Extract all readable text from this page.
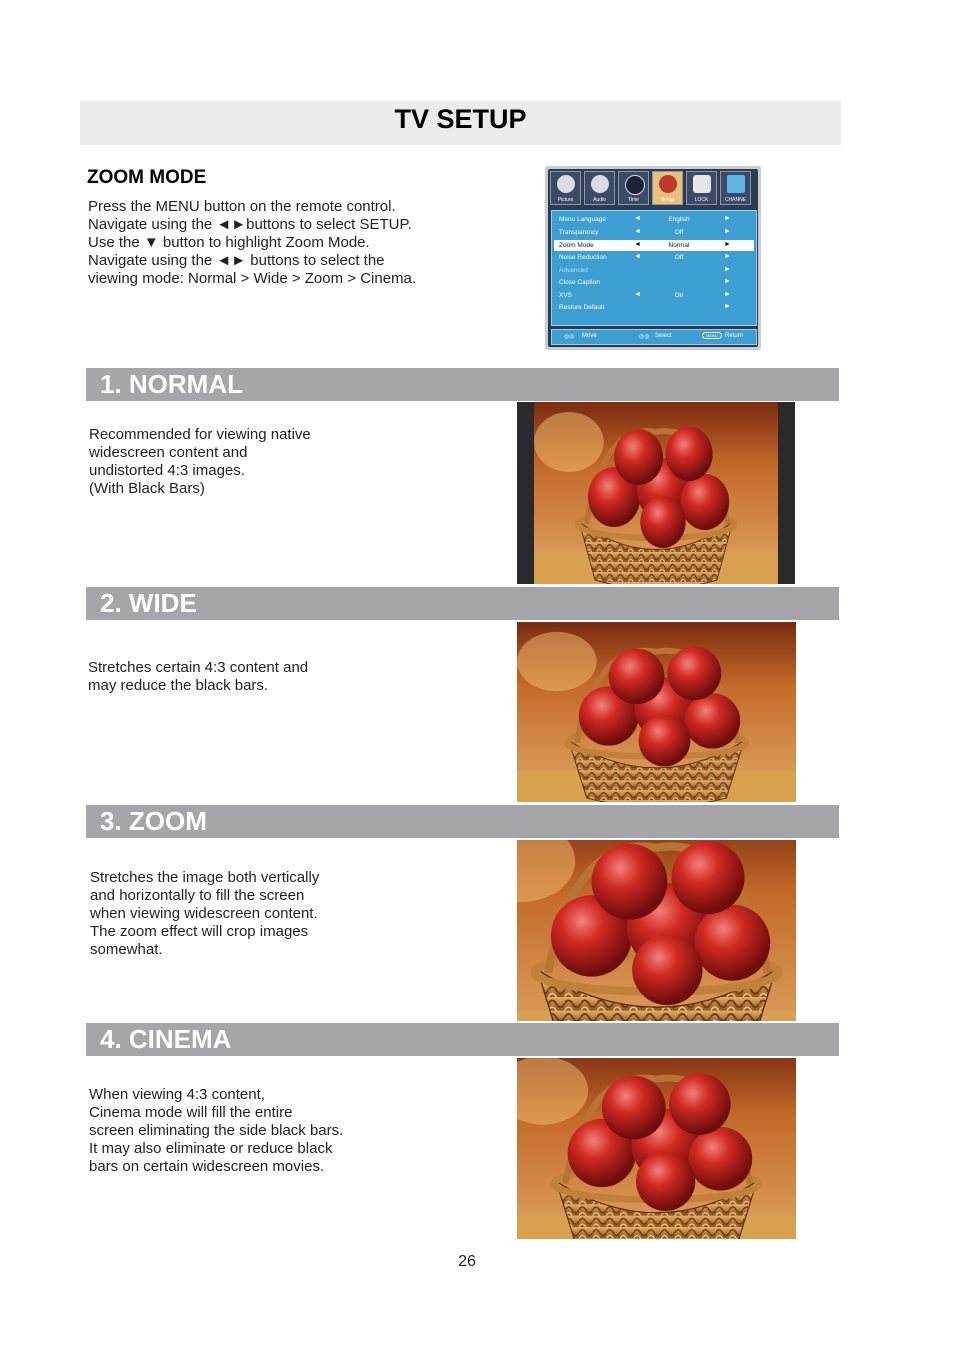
TV SETUP
ZOOM MODE
Press the MENU button on the remote control.
Navigate using the ◄►buttons to select SETUP.
Use the ▼ button to highlight Zoom Mode.
Navigate using the ◄► buttons to select the
viewing mode: Normal > Wide > Zoom > Cinema.
Picture	Audio	Time	Setup	LOCK	CHANNE
Menu Language	◄	English	►
Transparency	◄	Off	►
Zoom Mode	◄	Normal	►
Noise Reduction	◄	Off	►
Advanced	►
Close Caption	►
XVS	◄	On	►
Restore Default	►
◎◎ Move	◎◎ Select	MENU	Return
1. NORMAL
Recommended for viewing native
widescreen content and
undistorted 4:3 images.
(With Black Bars)
2. WIDE
Stretches certain 4:3 content and
may reduce the black bars.
3. ZOOM
Stretches the image both vertically
and horizontally to fill the screen
when viewing widescreen content.
The zoom effect will crop images
somewhat.
4. CINEMA
When viewing 4:3 content,
Cinema mode will fill the entire
screen eliminating the side black bars.
It may also eliminate or reduce black
bars on certain widescreen movies.
26
